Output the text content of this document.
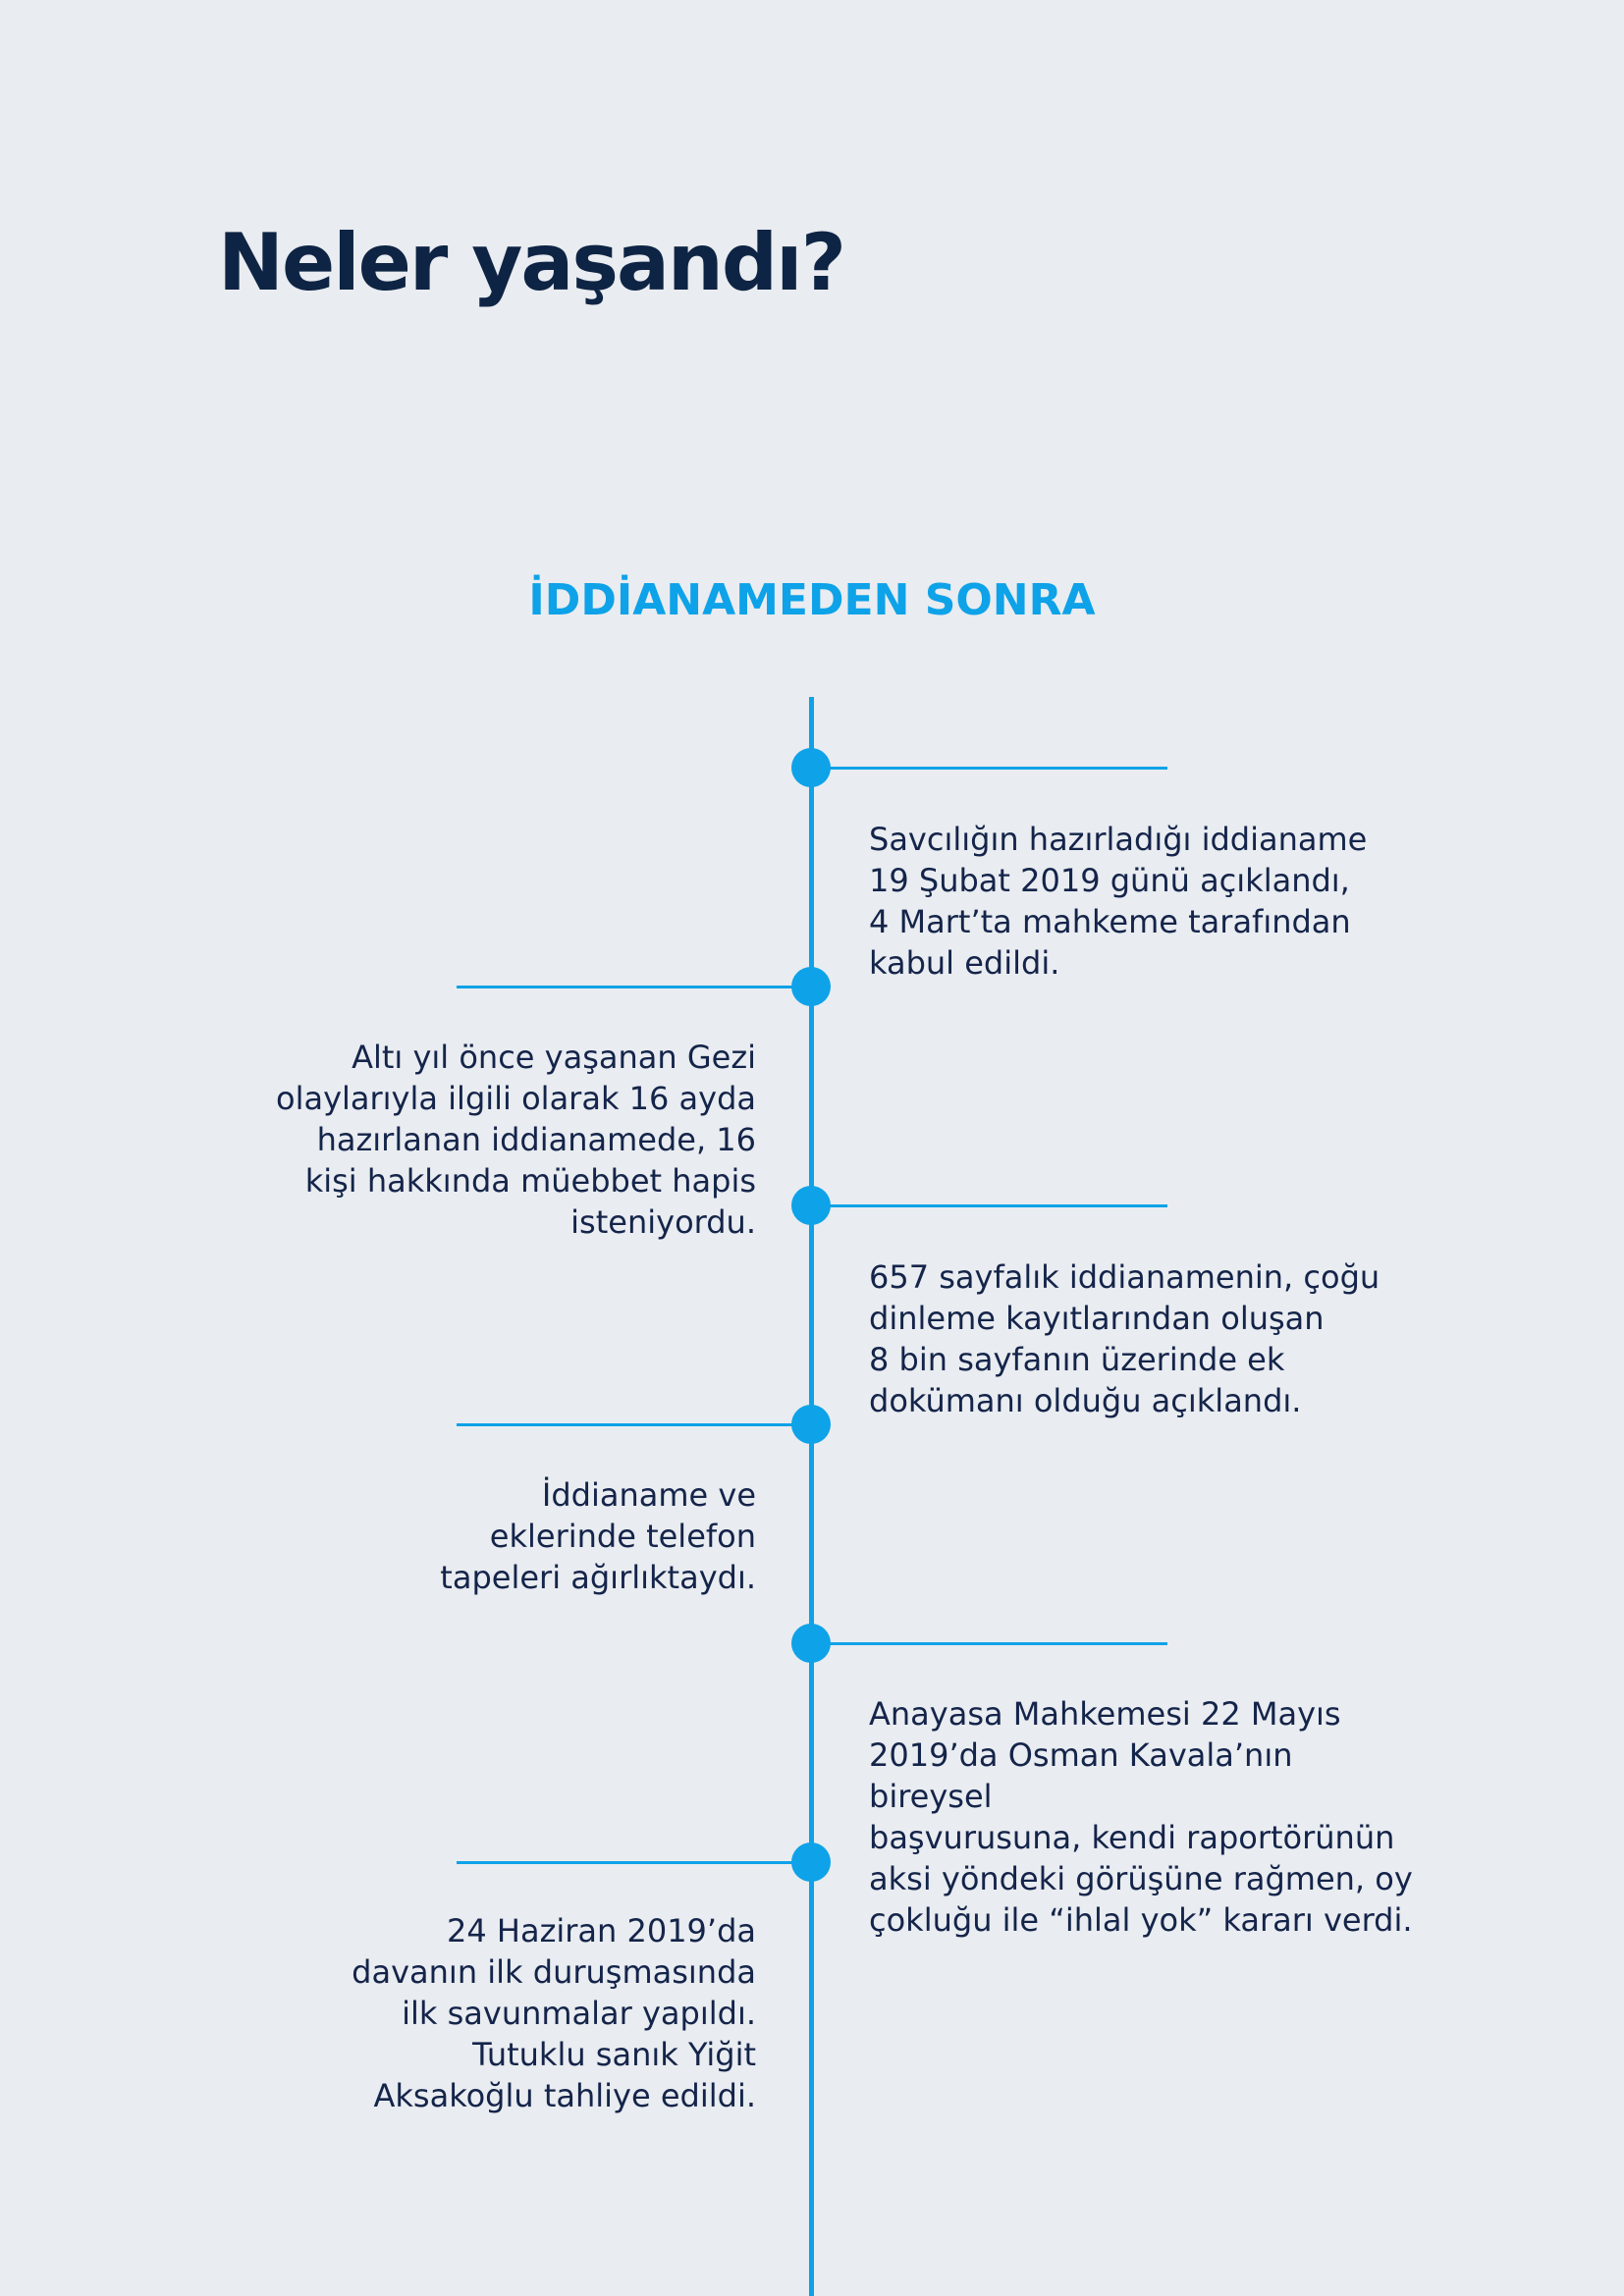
Neler yaşandı?
İDDİANAMEDEN SONRA

Savcılığın hazırladığı iddianame
19 Şubat 2019 günü açıklandı,
4 Mart’ta mahkeme tarafından
kabul edildi.

Altı yıl önce yaşanan Gezi
olaylarıyla ilgili olarak 16 ayda
hazırlanan iddianamede, 16
kişi hakkında müebbet hapis
isteniyordu.

657 sayfalık iddianamenin, çoğu
dinleme kayıtlarından oluşan
8 bin sayfanın üzerinde ek
dokümanı olduğu açıklandı.

İddianame ve
eklerinde telefon
tapeleri ağırlıktaydı.

Anayasa Mahkemesi 22 Mayıs
2019’da Osman Kavala’nın bireysel
başvurusuna, kendi raportörünün
aksi yöndeki görüşüne rağmen, oy
çokluğu ile “ihlal yok” kararı verdi.

24 Haziran 2019’da
davanın ilk duruşmasında
ilk savunmalar yapıldı.
Tutuklu sanık Yiğit
Aksakoğlu tahliye edildi.
